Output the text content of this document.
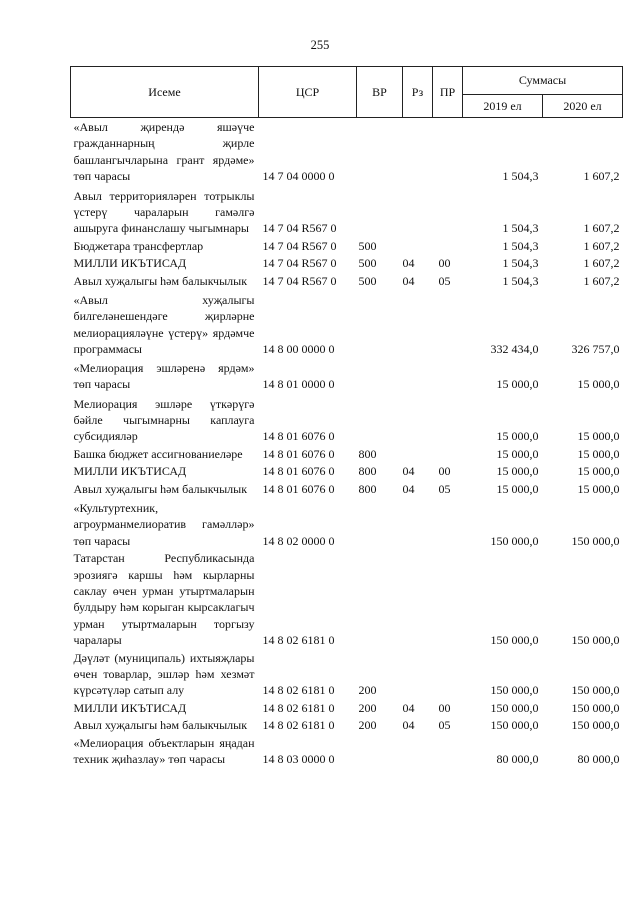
255
Исеме	ЦСР	ВР	Рз	ПР	Суммасы	
					2019 ел	2020 ел
«Авыл җирендә яшәүче гражданнарның җирле башлангычларына грант ярдәме» төп чарасы	14 7 04 0000 0				1 504,3	1 607,2
Авыл территорияләрен тотрыклы үстерү чараларын гамәлгә ашыруга финанслашу чыгымнары	14 7 04 R567 0				1 504,3	1 607,2
Бюджетара трансфертлар	14 7 04 R567 0	500			1 504,3	1 607,2
МИЛЛИ ИКЪТИСАД	14 7 04 R567 0	500	04	00	1 504,3	1 607,2
Авыл хуҗалыгы һәм балыкчылык	14 7 04 R567 0	500	04	05	1 504,3	1 607,2
«Авыл хуҗалыгы билгеләнешендәге җирләрне мелиорацияләүне үстерү» ярдәмче программасы	14 8 00 0000 0				332 434,0	326 757,0
«Мелиорация эшләренә ярдәм» төп чарасы	14 8 01 0000 0				15 000,0	15 000,0
Мелиорация эшләре үткәрүгә бәйле чыгымнарны каплауга субсидияләр	14 8 01 6076 0				15 000,0	15 000,0
Башка бюджет ассигнованиеләре	14 8 01 6076 0	800			15 000,0	15 000,0
МИЛЛИ ИКЪТИСАД	14 8 01 6076 0	800	04	00	15 000,0	15 000,0
Авыл хуҗалыгы һәм балыкчылык	14 8 01 6076 0	800	04	05	15 000,0	15 000,0
«Культуртехник, агроурманмелиоратив гамәлләр» төп чарасы	14 8 02 0000 0				150 000,0	150 000,0
Татарстан Республикасында эрозиягә каршы һәм кырларны саклау өчен урман утыртмаларын булдыру һәм корыган кырсаклагыч урман утыртмаларын торгызу чаралары	14 8 02 6181 0				150 000,0	150 000,0
Дәүләт (муниципаль) ихтыяҗлары өчен товарлар, эшләр һәм хезмәт күрсәтүләр сатып алу	14 8 02 6181 0	200			150 000,0	150 000,0
МИЛЛИ ИКЪТИСАД	14 8 02 6181 0	200	04	00	150 000,0	150 000,0
Авыл хуҗалыгы һәм балыкчылык	14 8 02 6181 0	200	04	05	150 000,0	150 000,0
«Мелиорация объектларын яңадан техник җиһазлау» төп чарасы	14 8 03 0000 0				80 000,0	80 000,0
